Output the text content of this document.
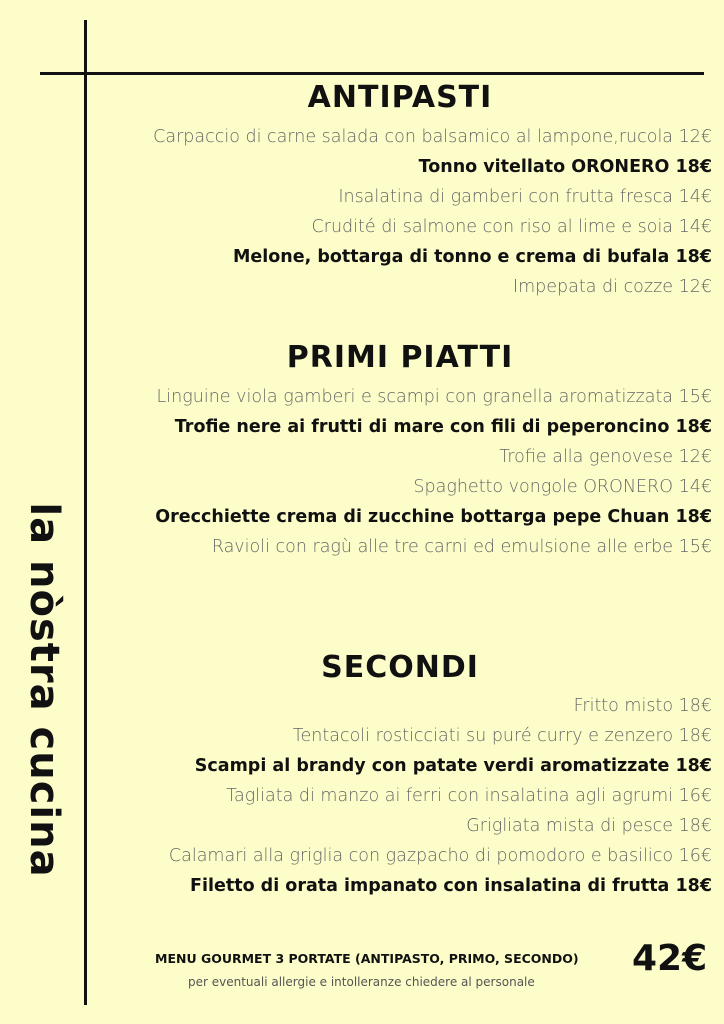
la nòstra cucina
ANTIPASTI
Carpaccio di carne salada con balsamico al lampone,rucola 12€
Tonno vitellato ORONERO 18€
Insalatina di gamberi con frutta fresca 14€
Crudité di salmone con riso al lime e soia 14€
Melone, bottarga di tonno e crema di bufala 18€
Impepata di cozze 12€
PRIMI PIATTI
Linguine viola gamberi e scampi con granella aromatizzata 15€
Trofie nere ai frutti di mare con fili di peperoncino 18€
Trofie alla genovese 12€
Spaghetto vongole ORONERO 14€
Orecchiette crema di zucchine bottarga pepe Chuan 18€
Ravioli con ragù alle tre carni ed emulsione alle erbe 15€
SECONDI
Fritto misto 18€
Tentacoli rosticciati su puré curry e zenzero 18€
Scampi al brandy con patate verdi aromatizzate 18€
Tagliata di manzo ai ferri con insalatina agli agrumi 16€
Grigliata mista di pesce 18€
Calamari alla griglia con gazpacho di pomodoro e basilico 16€
Filetto di orata impanato con insalatina di frutta 18€
MENU GOURMET 3 PORTATE (ANTIPASTO, PRIMO, SECONDO) 42€
per eventuali allergie e intolleranze chiedere al personale
